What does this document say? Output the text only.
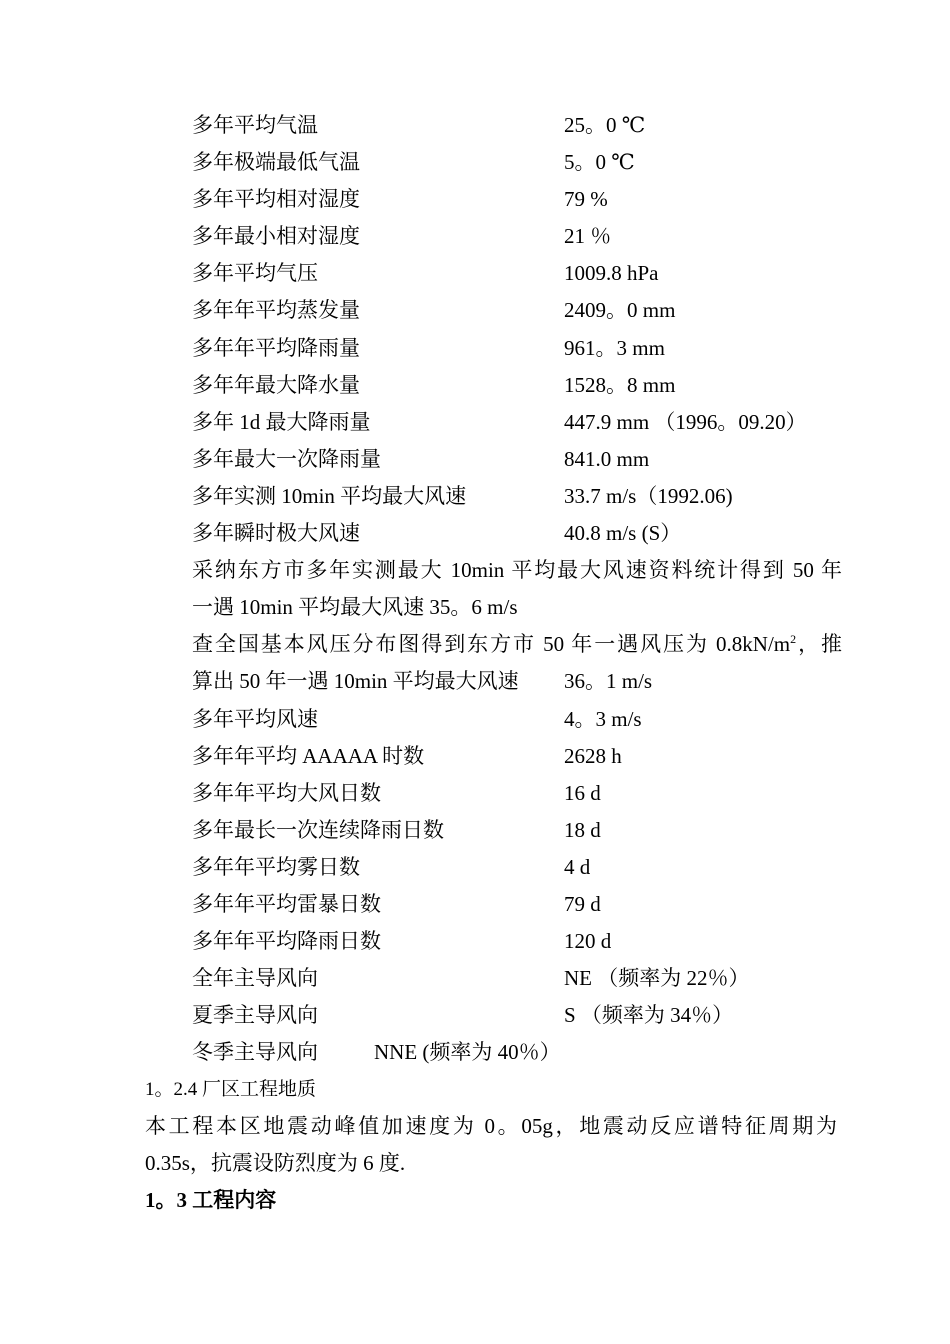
多年平均气温	25。0 ℃
多年极端最低气温	5。0 ℃
多年平均相对湿度	79 %
多年最小相对湿度	21 ％
多年平均气压	1009.8 hPa
多年年平均蒸发量	2409。0 mm
多年年平均降雨量	961。3 mm
多年年最大降水量	1528。8 mm
多年 1d 最大降雨量	447.9 mm （1996。09.20）
多年最大一次降雨量	841.0 mm
多年实测 10min 平均最大风速	33.7 m/s（1992.06)
多年瞬时极大风速	40.8 m/s (S）
采纳东方市多年实测最大 10min 平均最大风速资料统计得到 50 年
一遇 10min 平均最大风速 35。6 m/s
查全国基本风压分布图得到东方市 50 年一遇风压为 $0.8kN/m^2$，推
算出 50 年一遇 10min 平均最大风速 36。1 m/s
多年平均风速	4。3 m/s
多年年平均 AAAAA 时数	2628 h
多年年平均大风日数	16 d
多年最长一次连续降雨日数	18 d
多年年平均雾日数	4 d
多年年平均雷暴日数	79 d
多年年平均降雨日数	120 d
全年主导风向	NE （频率为 22％）
夏季主导风向	S （频率为 34％）
冬季主导风向	NNE (频率为 40％）
1。2.4 厂区工程地质
本工程本区地震动峰值加速度为 0。05g，地震动反应谱特征周期为
0.35s，抗震设防烈度为 6 度.
1。3 工程内容
